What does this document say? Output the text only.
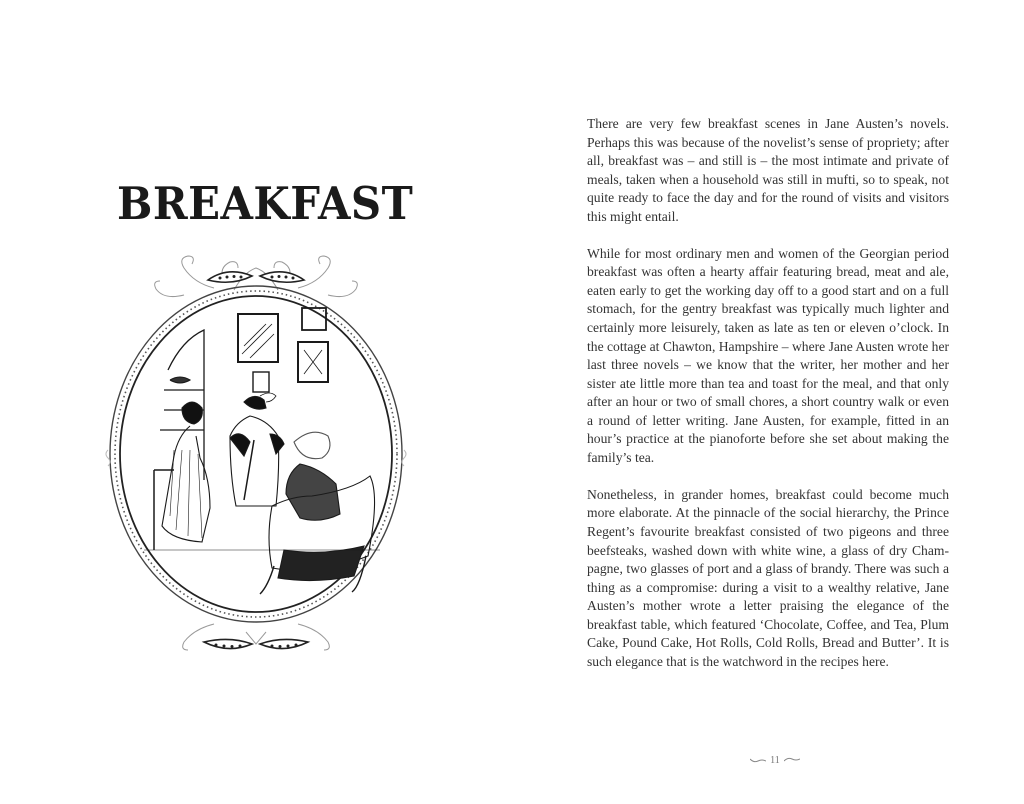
BREAKFAST

There are very few breakfast scenes in Jane Austen’s novels. Perhaps this was because of the novelist’s sense of propriety; after all, breakfast was – and still is – the most intimate and private of meals, taken when a household was still in mufti, so to speak, not quite ready to face the day and for the round of visits and visitors this might entail.

While for most ordinary men and women of the Georgian period breakfast was often a hearty affair featuring bread, meat and ale, eaten early to get the working day off to a good start and on a full stomach, for the gentry breakfast was typically much lighter and certainly more leisurely, taken as late as ten or eleven o’clock. In the cottage at Chawton, Hampshire – where Jane Austen wrote her last three novels – we know that the writer, her mother and her sister ate little more than tea and toast for the meal, and that only after an hour or two of small chores, a short country walk or even a round of letter writing. Jane Austen, for example, fitted in an hour’s practice at the pianoforte before she set about making the family’s tea.

Nonetheless, in grander homes, breakfast could become much more elaborate. At the pinnacle of the social hierarchy, the Prince Regent’s favourite breakfast consisted of two pigeons and three beefsteaks, washed down with white wine, a glass of dry Champagne, two glasses of port and a glass of brandy. There was such a thing as a compromise: during a visit to a wealthy relative, Jane Austen’s mother wrote a letter praising the elegance of the breakfast table, which featured ‘Chocolate, Coffee, and Tea, Plum Cake, Pound Cake, Hot Rolls, Cold Rolls, Bread and Butter’. It is such elegance that is the watchword in the recipes here.

11
